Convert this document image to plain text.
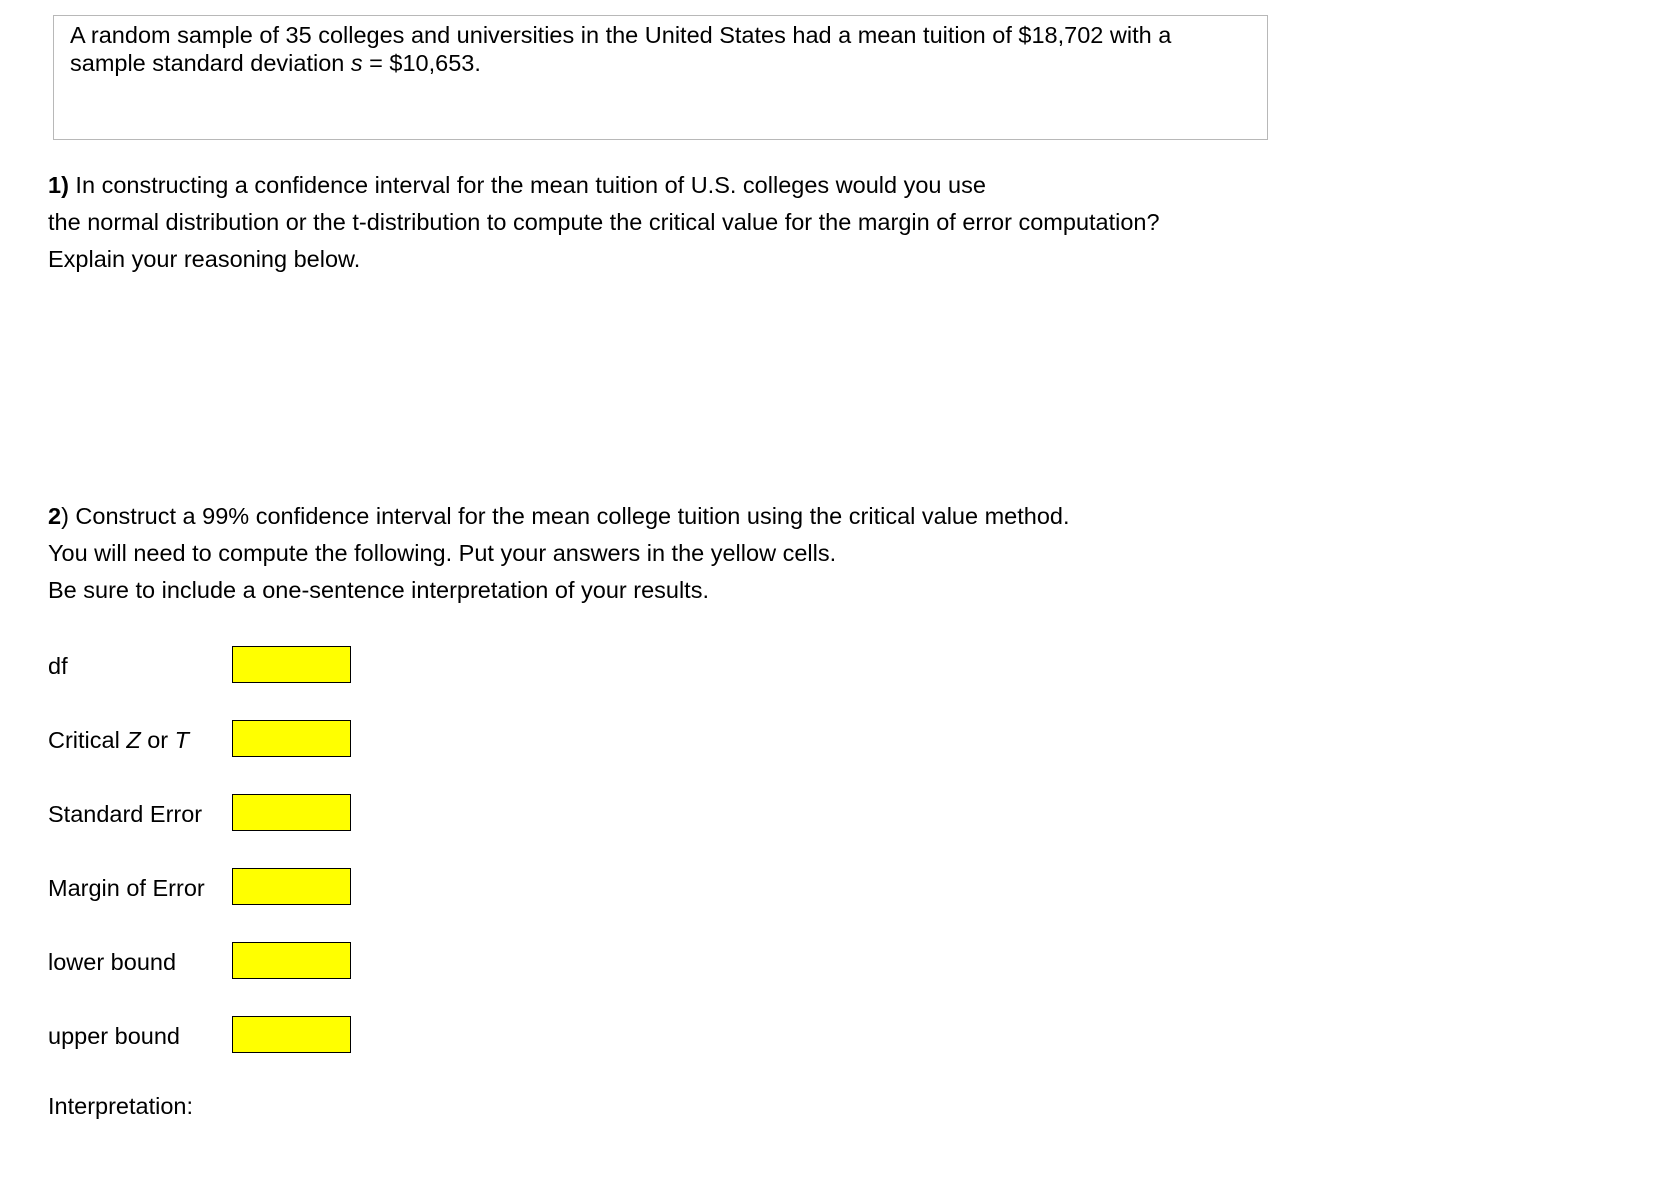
A random sample of 35 colleges and universities in the United States had a mean tuition of $18,702 with a
sample standard deviation s = $10,653.
1) In constructing a confidence interval for the mean tuition of U.S. colleges would you use
the normal distribution or the t-distribution to compute the critical value for the margin of error computation?
Explain your reasoning below.
2) Construct a 99% confidence interval for the mean college tuition using the critical value method.
You will need to compute the following. Put your answers in the yellow cells.
Be sure to include a one-sentence interpretation of your results.
df
Critical Z or T
Standard Error
Margin of Error
lower bound
upper bound
Interpretation:
